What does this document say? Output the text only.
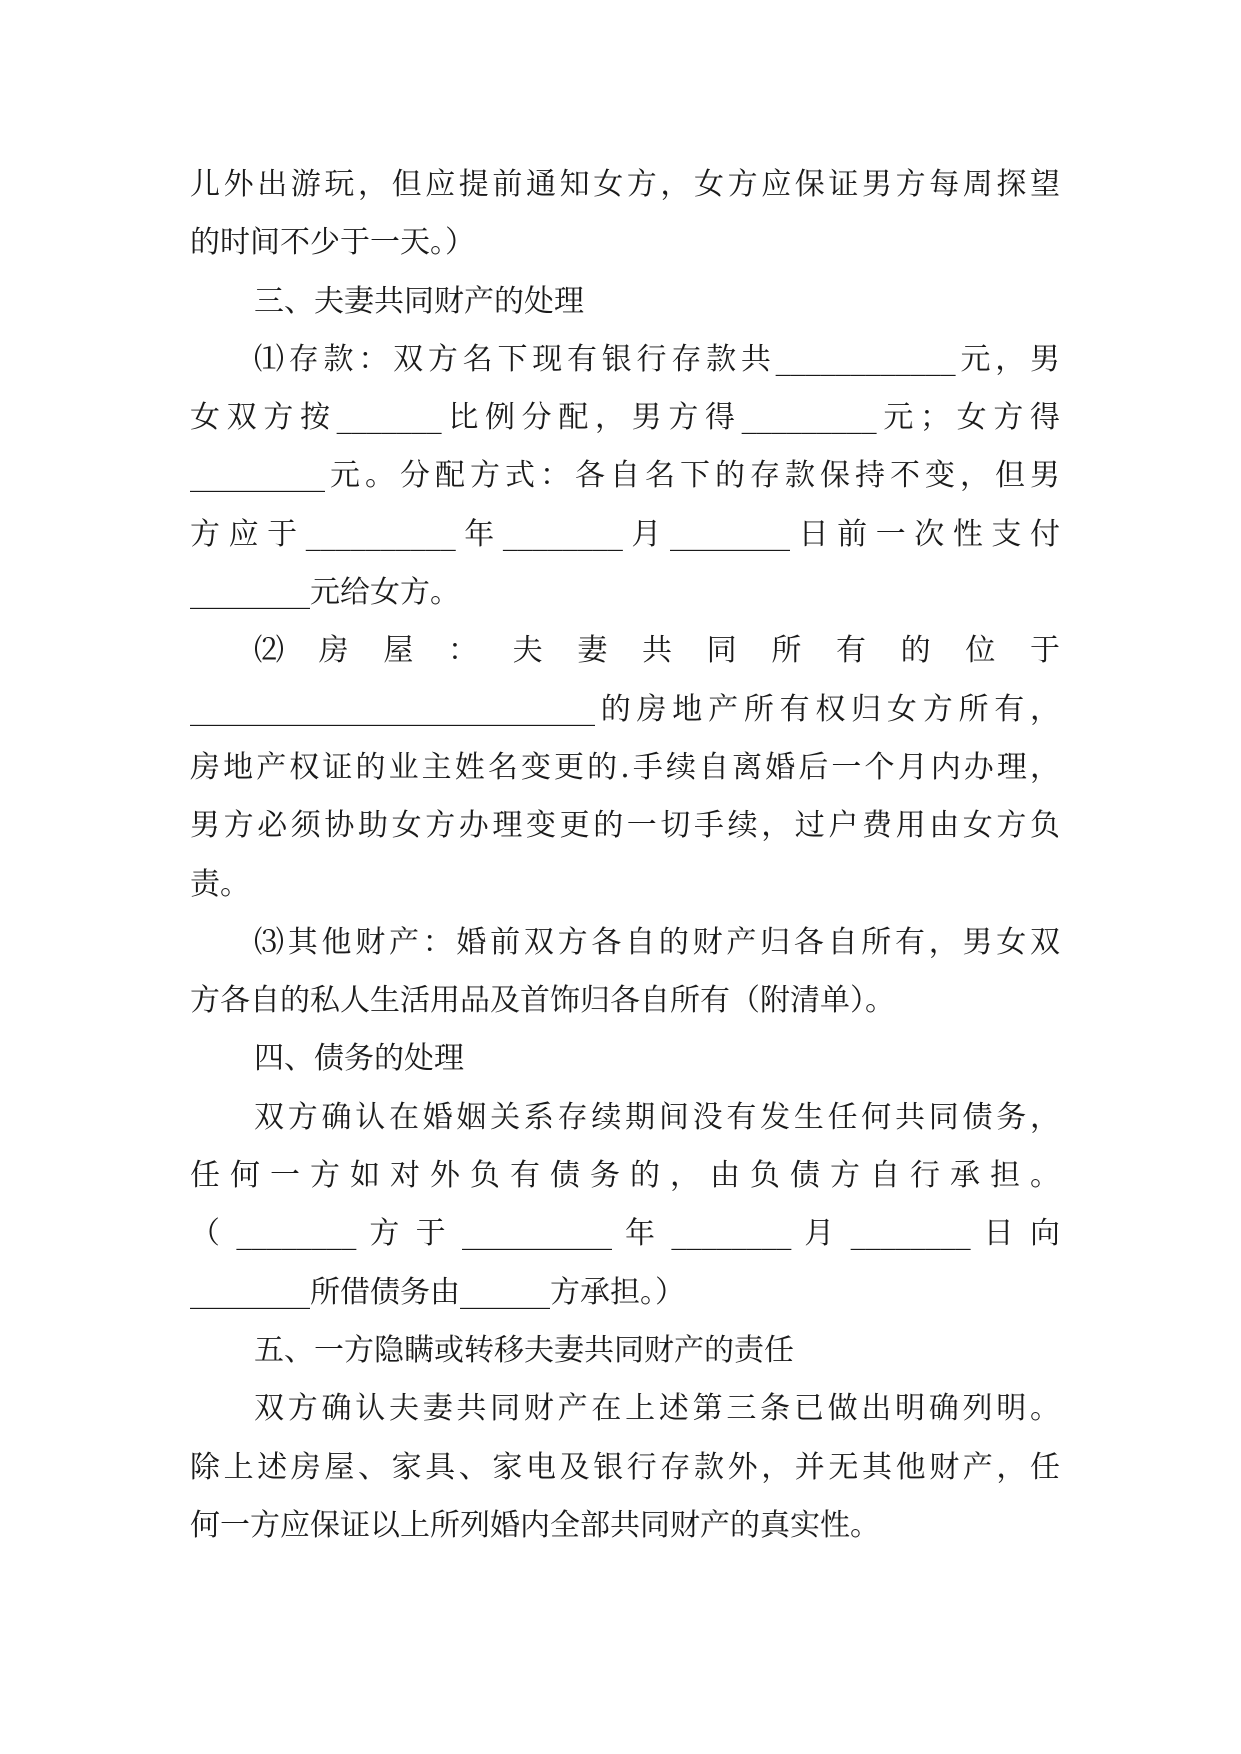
儿外出游玩，但应提前通知女方，女方应保证男方每周探望
的时间不少于一天。）
三、夫妻共同财产的处理
⑴存款：双方名下现有银行存款共____________元，男
女双方按_______比例分配，男方得_________元；女方得
_________元。分配方式：各自名下的存款保持不变，但男
方应于__________年________月________日前一次性支付
________元给女方。
⑵ 房 屋 ： 夫 妻 共 同 所 有 的 位 于
___________________________的房地产所有权归女方所有，
房地产权证的业主姓名变更的.手续自离婚后一个月内办理，
男方必须协助女方办理变更的一切手续，过户费用由女方负
责。
⑶其他财产：婚前双方各自的财产归各自所有，男女双
方各自的私人生活用品及首饰归各自所有（附清单）。
四、债务的处理
双方确认在婚姻关系存续期间没有发生任何共同债务，
任 何 一 方 如 对 外 负 有 债 务 的 ， 由 负 债 方 自 行 承 担 。
（ ________ 方 于 __________ 年 ________ 月 ________ 日 向
________所借债务由______方承担。）
五、一方隐瞒或转移夫妻共同财产的责任
双方确认夫妻共同财产在上述第三条已做出明确列明。
除上述房屋、家具、家电及银行存款外，并无其他财产，任
何一方应保证以上所列婚内全部共同财产的真实性。
